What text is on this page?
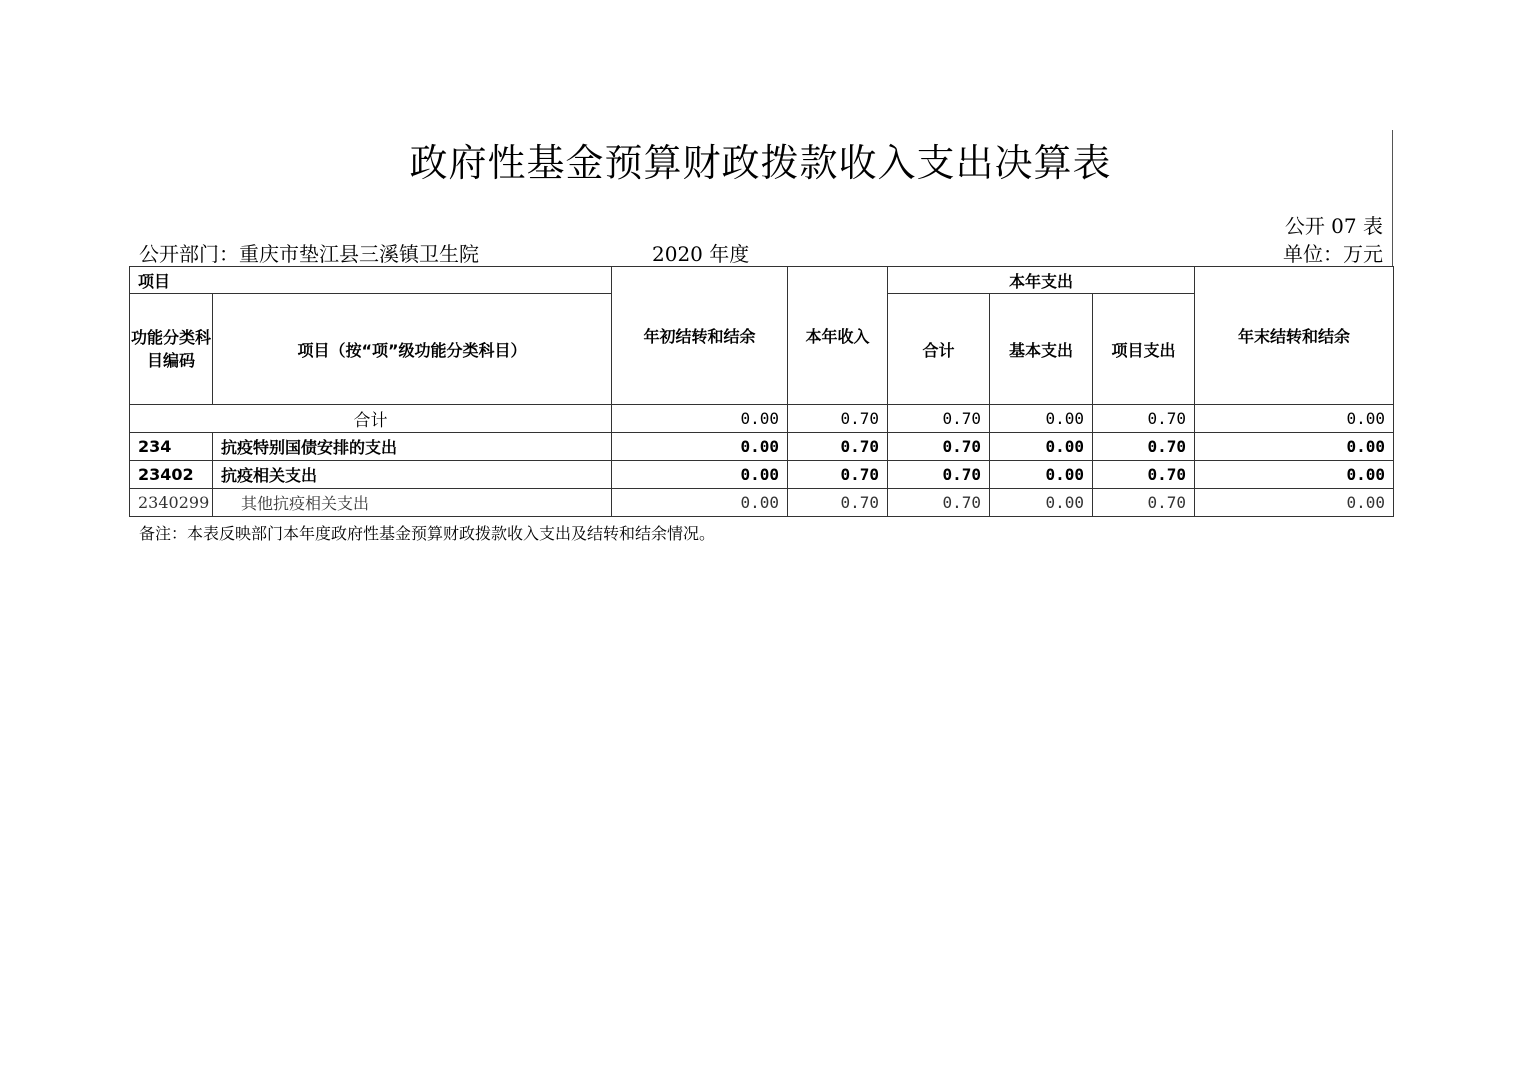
政府性基金预算财政拨款收入支出决算表
公开 07 表
公开部门：重庆市垫江县三溪镇卫生院	2020 年度	单位：万元
项目		年初结转和结余	本年收入	本年支出			年末结转和结余
功能分类科目编码	项目（按“项”级功能分类科目）			合计	基本支出	项目支出	

合计		0.00	0.70	0.70	0.00	0.70	0.00
234	抗疫特别国债安排的支出	0.00	0.70	0.70	0.00	0.70	0.00
23402	抗疫相关支出	0.00	0.70	0.70	0.00	0.70	0.00
2340299	其他抗疫相关支出	0.00	0.70	0.70	0.00	0.70	0.00
备注：本表反映部门本年度政府性基金预算财政拨款收入支出及结转和结余情况。
